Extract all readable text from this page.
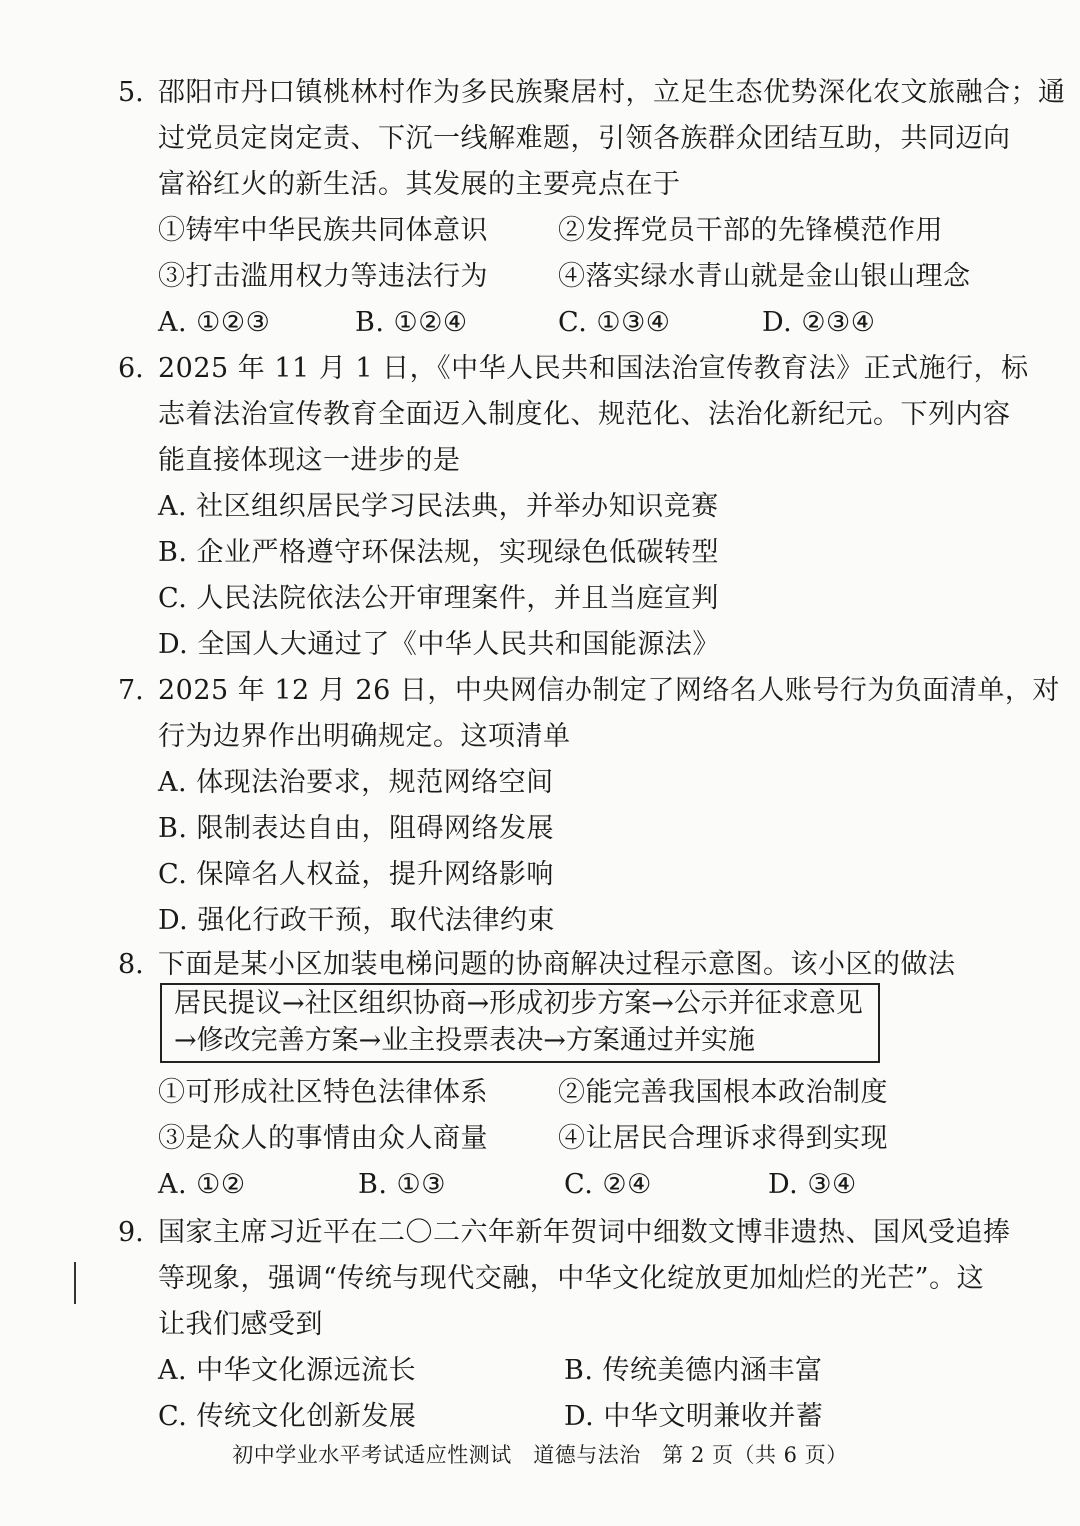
5. 邵阳市丹口镇桃林村作为多民族聚居村，立足生态优势深化农文旅融合；通
过党员定岗定责、下沉一线解难题，引领各族群众团结互助，共同迈向
富裕红火的新生活。其发展的主要亮点在于
①铸牢中华民族共同体意识	②发挥党员干部的先锋模范作用
③打击滥用权力等违法行为	④落实绿水青山就是金山银山理念
A. ①②③	B. ①②④	C. ①③④	D. ②③④
6. 2025 年 11 月 1 日，《中华人民共和国法治宣传教育法》正式施行，标
志着法治宣传教育全面迈入制度化、规范化、法治化新纪元。下列内容
能直接体现这一进步的是
A. 社区组织居民学习民法典，并举办知识竞赛
B. 企业严格遵守环保法规，实现绿色低碳转型
C. 人民法院依法公开审理案件，并且当庭宣判
D. 全国人大通过了《中华人民共和国能源法》
7. 2025 年 12 月 26 日，中央网信办制定了网络名人账号行为负面清单，对
行为边界作出明确规定。这项清单
A. 体现法治要求，规范网络空间
B. 限制表达自由，阻碍网络发展
C. 保障名人权益，提升网络影响
D. 强化行政干预，取代法律约束
8. 下面是某小区加装电梯问题的协商解决过程示意图。该小区的做法
居民提议→社区组织协商→形成初步方案→公示并征求意见
→修改完善方案→业主投票表决→方案通过并实施
①可形成社区特色法律体系	②能完善我国根本政治制度
③是众人的事情由众人商量	④让居民合理诉求得到实现
A. ①②	B. ①③	C. ②④	D. ③④
9. 国家主席习近平在二〇二六年新年贺词中细数文博非遗热、国风受追捧
等现象，强调“传统与现代交融，中华文化绽放更加灿烂的光芒”。这
让我们感受到
A. 中华文化源远流长	B. 传统美德内涵丰富
C. 传统文化创新发展	D. 中华文明兼收并蓄
初中学业水平考试适应性测试　道德与法治　第 2 页（共 6 页）
